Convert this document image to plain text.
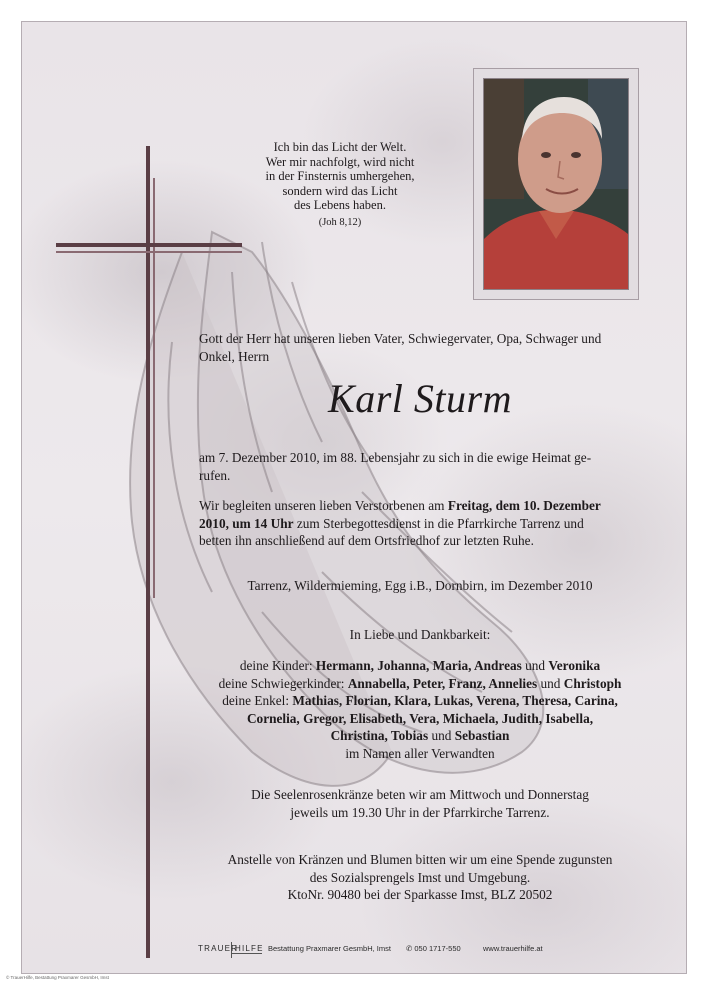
Ich bin das Licht der Welt.
Wer mir nachfolgt, wird nicht
in der Finsternis umhergehen,
sondern wird das Licht
des Lebens haben.
(Joh 8,12)
Gott der Herr hat unseren lieben Vater, Schwiegervater, Opa, Schwager und
Onkel, Herrn
Karl Sturm
am 7. Dezember 2010, im 88. Lebensjahr zu sich in die ewige Heimat ge-
rufen.
Wir begleiten unseren lieben Verstorbenen am Freitag, dem 10. Dezember
2010, um 14 Uhr zum Sterbegottesdienst in die Pfarrkirche Tarrenz und
betten ihn anschließend auf dem Ortsfriedhof zur letzten Ruhe.
Tarrenz, Wildermieming, Egg i.B., Dornbirn, im Dezember 2010
In Liebe und Dankbarkeit:
deine Kinder: Hermann, Johanna, Maria, Andreas und Veronika
deine Schwiegerkinder: Annabella, Peter, Franz, Annelies und Christoph
deine Enkel: Mathias, Florian, Klara, Lukas, Verena, Theresa, Carina,
Cornelia, Gregor, Elisabeth, Vera, Michaela, Judith, Isabella,
Christina, Tobias und Sebastian
im Namen aller Verwandten
Die Seelenrosenkränze beten wir am Mittwoch und Donnerstag
jeweils um 19.30 Uhr in der Pfarrkirche Tarrenz.
Anstelle von Kränzen und Blumen bitten wir um eine Spende zugunsten
des Sozialsprengels Imst und Umgebung.
KtoNr. 90480 bei der Sparkasse Imst, BLZ 20502
TRAUER
HILFE Bestattung Praxmarer GesmbH, Imst ✆ 050 1717-550	www.trauerhilfe.at
© TrauerHilfe, Bestattung Praxmarer GesmbH, Imst
